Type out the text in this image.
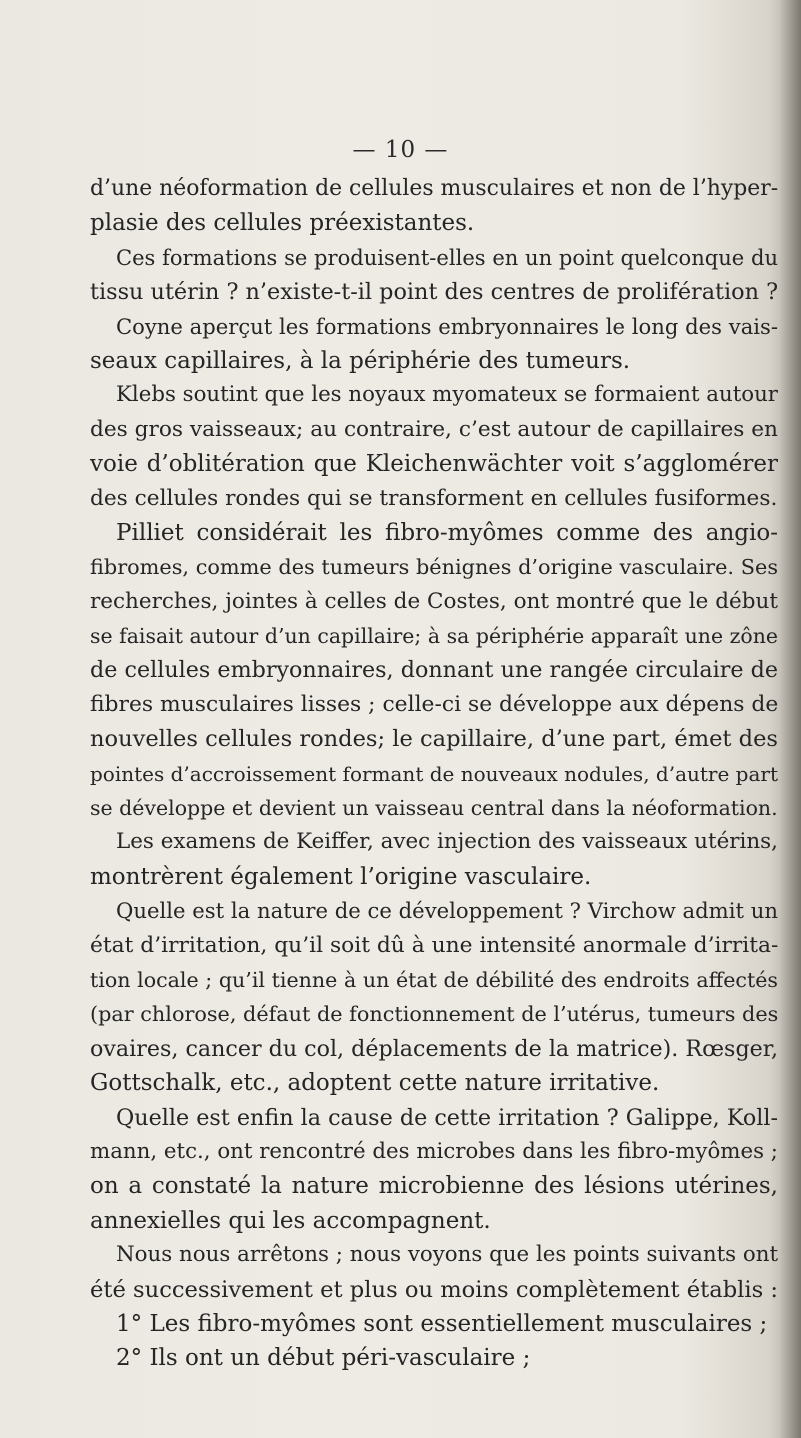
— 10 —
d’une néoformation de cellules musculaires et non de l’hyper-
plasie des cellules préexistantes.
Ces formations se produisent-elles en un point quelconque du
tissu utérin ? n’existe-t-il point des centres de prolifération ?
Coyne aperçut les formations embryonnaires le long des vais-
seaux capillaires, à la périphérie des tumeurs.
Klebs soutint que les noyaux myomateux se formaient autour
des gros vaisseaux; au contraire, c’est autour de capillaires en
voie d’oblitération que Kleichenwächter voit s’agglomérer
des cellules rondes qui se transforment en cellules fusiformes.
Pilliet considérait les fibro-myômes comme des angio-
fibromes, comme des tumeurs bénignes d’origine vasculaire. Ses
recherches, jointes à celles de Costes, ont montré que le début
se faisait autour d’un capillaire; à sa périphérie apparaît une zône
de cellules embryonnaires, donnant une rangée circulaire de
fibres musculaires lisses ; celle-ci se développe aux dépens de
nouvelles cellules rondes; le capillaire, d’une part, émet des
pointes d’accroissement formant de nouveaux nodules, d’autre part
se développe et devient un vaisseau central dans la néoformation.
Les examens de Keiffer, avec injection des vaisseaux utérins,
montrèrent également l’origine vasculaire.
Quelle est la nature de ce développement ? Virchow admit un
état d’irritation, qu’il soit dû à une intensité anormale d’irrita-
tion locale ; qu’il tienne à un état de débilité des endroits affectés
(par chlorose, défaut de fonctionnement de l’utérus, tumeurs des
ovaires, cancer du col, déplacements de la matrice). Rœsger,
Gottschalk, etc., adoptent cette nature irritative.
Quelle est enfin la cause de cette irritation ? Galippe, Koll-
mann, etc., ont rencontré des microbes dans les fibro-myômes ;
on a constaté la nature microbienne des lésions utérines,
annexielles qui les accompagnent.
Nous nous arrêtons ; nous voyons que les points suivants ont
été successivement et plus ou moins complètement établis :
1° Les fibro-myômes sont essentiellement musculaires ;
2° Ils ont un début péri-vasculaire ;
